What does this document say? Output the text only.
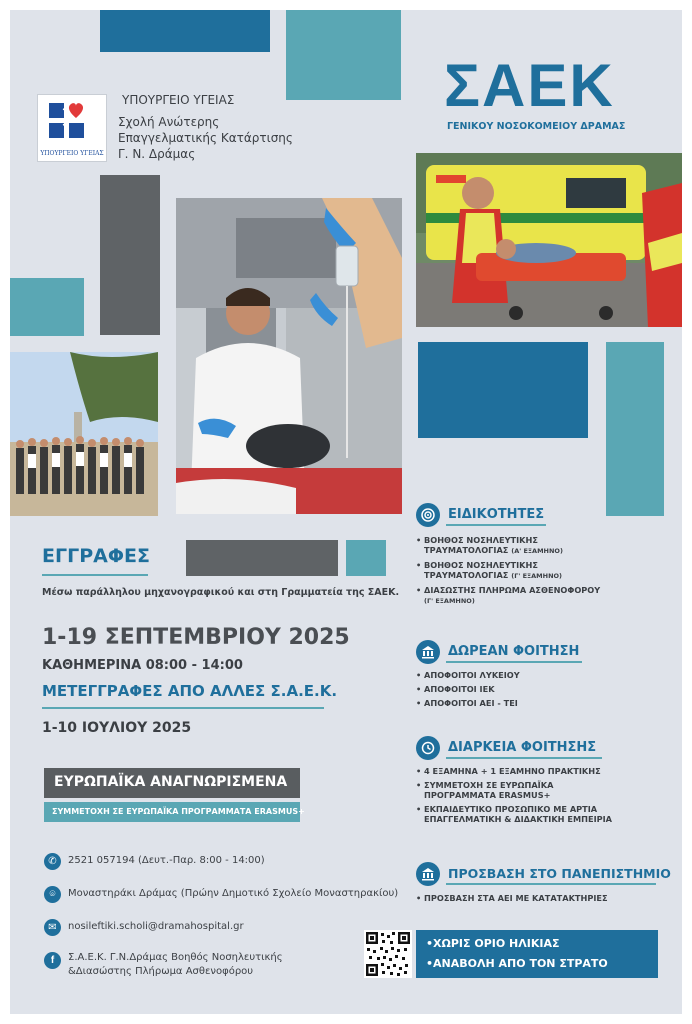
ΥΠΟΥΡΓΕΙΟ ΥΓΕΙΑΣ
ΥΠΟΥΡΓΕΙΟ ΥΓΕΙΑΣ
Σχολή Ανώτερης
Επαγγελματικής Κατάρτισης
Γ. Ν. Δράμας
ΣΑΕΚ
ΓΕΝΙΚΟΥ ΝΟΣΟΚΟΜΕΙΟΥ ΔΡΑΜΑΣ
ΕΓΓΡΑΦΕΣ
Μέσω παράλληλου μηχανογραφικού και στη Γραμματεία της ΣΑΕΚ.
1-19 ΣΕΠΤΕΜΒΡΙΟΥ 2025
ΚΑΘΗΜΕΡΙΝΑ 08:00 - 14:00
ΜΕΤΕΓΓΡΑΦΕΣ ΑΠΟ ΑΛΛΕΣ Σ.Α.Ε.Κ.
1-10 ΙΟΥΛΙΟΥ 2025
ΕΥΡΩΠΑΪΚΑ ΑΝΑΓΝΩΡΙΣΜΕΝΑ
ΣΥΜΜΕΤΟΧΗ ΣΕ ΕΥΡΩΠΑΪΚΑ ΠΡΟΓΡΑΜΜΑΤΑ ERASMUS+
✆	2521 057194 (Δευτ.-Παρ. 8:00 - 14:00)
⌾	Μοναστηράκι Δράμας (Πρώην Δημοτικό Σχολείο Μοναστηρακίου)
✉	nosileftiki.scholi@dramahospital.gr
f	Σ.Α.Ε.Κ. Γ.Ν.Δράμας Βοηθός Νοσηλευτικής
&Διασώστης Πλήρωμα Ασθενοφόρου
ΕΙΔΙΚΟΤΗΤΕΣ
• ΒΟΗΘΟΣ ΝΟΣΗΛΕΥΤΙΚΗΣ
ΤΡΑΥΜΑΤΟΛΟΓΙΑΣ (Α' ΕΞΑΜΗΝΟ)
• ΒΟΗΘΟΣ ΝΟΣΗΛΕΥΤΙΚΗΣ
ΤΡΑΥΜΑΤΟΛΟΓΙΑΣ (Γ' ΕΞΑΜΗΝΟ)
• ΔΙΑΣΩΣΤΗΣ ΠΛΗΡΩΜΑ ΑΣΘΕΝΟΦΟΡΟΥ
(Γ' ΕΞΑΜΗΝΟ)
ΔΩΡΕΑΝ ΦΟΙΤΗΣΗ
• ΑΠΟΦΟΙΤΟΙ ΛΥΚΕΙΟΥ
• ΑΠΟΦΟΙΤΟΙ ΙΕΚ
• ΑΠΟΦΟΙΤΟΙ ΑΕΙ - ΤΕΙ
ΔΙΑΡΚΕΙΑ ΦΟΙΤΗΣΗΣ
• 4 ΕΞΑΜΗΝΑ + 1 ΕΞΑΜΗΝΟ ΠΡΑΚΤΙΚΗΣ
• ΣΥΜΜΕΤΟΧΗ ΣΕ ΕΥΡΩΠΑΪΚΑ
ΠΡΟΓΡΑΜΜΑΤΑ ERASMUS+
• ΕΚΠΑΙΔΕΥΤΙΚΟ ΠΡΟΣΩΠΙΚΟ ΜΕ ΑΡΤΙΑ
ΕΠΑΓΓΕΛΜΑΤΙΚΗ & ΔΙΔΑΚΤΙΚΗ ΕΜΠΕΙΡΙΑ
ΠΡΟΣΒΑΣΗ ΣΤΟ ΠΑΝΕΠΙΣΤΗΜΙΟ
• ΠΡΟΣΒΑΣΗ ΣΤΑ ΑΕΙ ΜΕ ΚΑΤΑΤΑΚΤΗΡΙΕΣ
•ΧΩΡΙΣ ΟΡΙΟ ΗΛΙΚΙΑΣ
•ΑΝΑΒΟΛΗ ΑΠΟ ΤΟΝ ΣΤΡΑΤΟ
